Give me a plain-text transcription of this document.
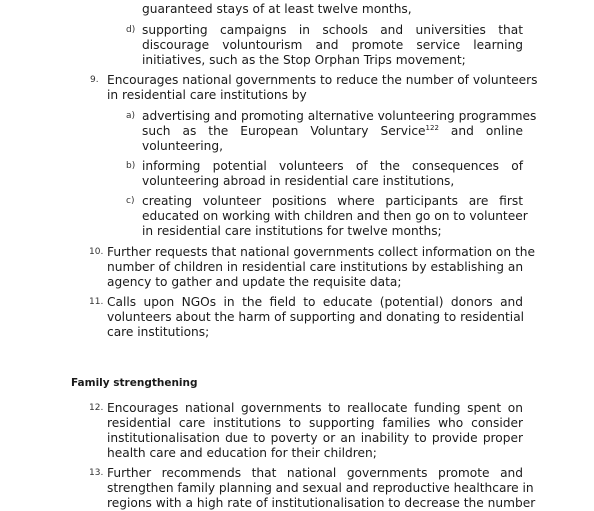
guaranteed stays of at least twelve months,
d) supporting campaigns in schools and universities that
discourage voluntourism and promote service learning
initiatives, such as the Stop Orphan Trips movement;
9. Encourages national governments to reduce the number of volunteers
in residential care institutions by
a) advertising and promoting alternative volunteering programmes
such as the European Voluntary Service$^{122}$ and online
volunteering,
b) informing potential volunteers of the consequences of
volunteering abroad in residential care institutions,
c) creating volunteer positions where participants are first
educated on working with children and then go on to volunteer
in residential care institutions for twelve months;
10. Further requests that national governments collect information on the
number of children in residential care institutions by establishing an
agency to gather and update the requisite data;
11. Calls upon NGOs in the field to educate (potential) donors and
volunteers about the harm of supporting and donating to residential
care institutions;
Family strengthening
12. Encourages national governments to reallocate funding spent on
residential care institutions to supporting families who consider
institutionalisation due to poverty or an inability to provide proper
health care and education for their children;
13. Further recommends that national governments promote and
strengthen family planning and sexual and reproductive healthcare in
regions with a high rate of institutionalisation to decrease the number
